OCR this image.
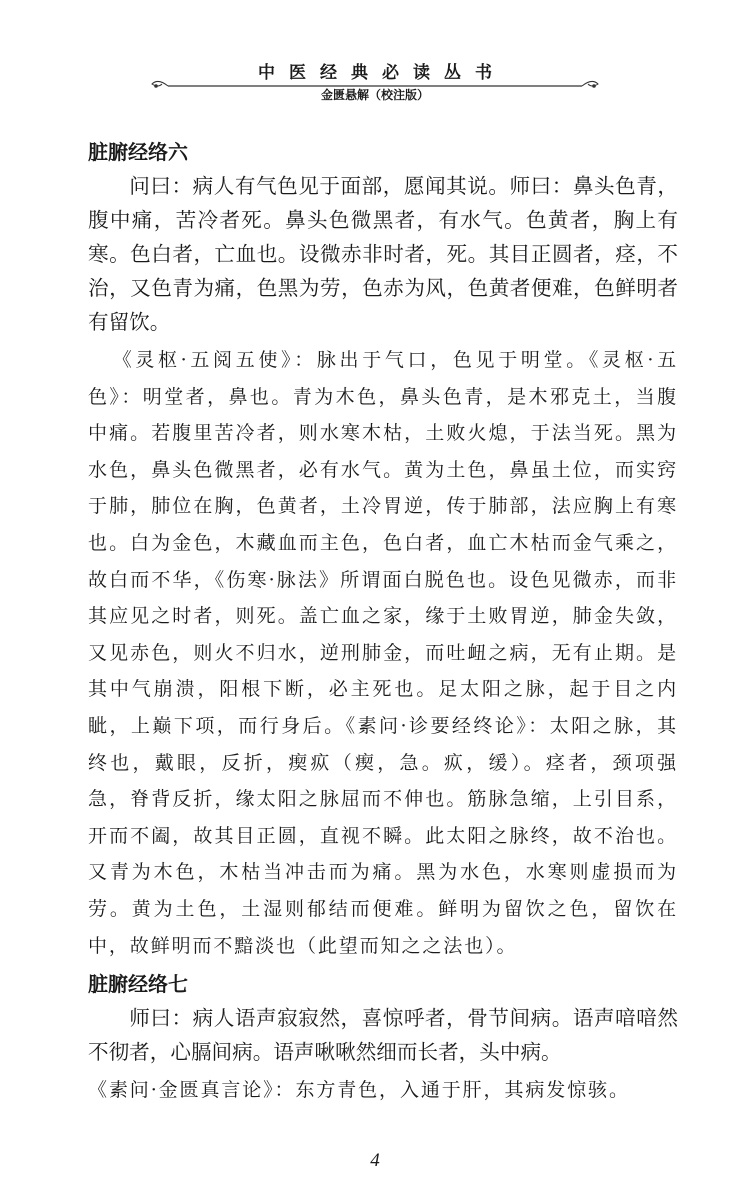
中医经典必读丛书
金匮悬解（校注版）
脏腑经络六

问曰：病人有气色见于面部，愿闻其说。师曰：鼻头色青，腹中痛，苦冷者死。鼻头色微黑者，有水气。色黄者，胸上有寒。色白者，亡血也。设微赤非时者，死。其目正圆者，痉，不治，又色青为痛，色黑为劳，色赤为风，色黄者便难，色鲜明者有留饮。

《灵枢·五阅五使》：脉出于气口，色见于明堂。《灵枢·五色》：明堂者，鼻也。青为木色，鼻头色青，是木邪克土，当腹中痛。若腹里苦冷者，则水寒木枯，土败火熄，于法当死。黑为水色，鼻头色微黑者，必有水气。黄为土色，鼻虽土位，而实窍于肺，肺位在胸，色黄者，土冷胃逆，传于肺部，法应胸上有寒也。白为金色，木藏血而主色，色白者，血亡木枯而金气乘之，故白而不华，《伤寒·脉法》所谓面白脱色也。设色见微赤，而非其应见之时者，则死。盖亡血之家，缘于土败胃逆，肺金失敛，又见赤色，则火不归水，逆刑肺金，而吐衄之病，无有止期。是其中气崩溃，阳根下断，必主死也。足太阳之脉，起于目之内眦，上巅下项，而行身后。《素问·诊要经终论》：太阳之脉，其终也，戴眼，反折，瘈疭（瘈，急。疭，缓）。痉者，颈项强急，脊背反折，缘太阳之脉屈而不伸也。筋脉急缩，上引目系，开而不阖，故其目正圆，直视不瞬。此太阳之脉终，故不治也。又青为木色，木枯当冲击而为痛。黑为水色，水寒则虚损而为劳。黄为土色，土湿则郁结而便难。鲜明为留饮之色，留饮在中，故鲜明而不黯淡也（此望而知之之法也）。

脏腑经络七

师曰：病人语声寂寂然，喜惊呼者，骨节间病。语声喑喑然不彻者，心膈间病。语声啾啾然细而长者，头中病。

《素问·金匮真言论》：东方青色，入通于肝，其病发惊骇。

4
